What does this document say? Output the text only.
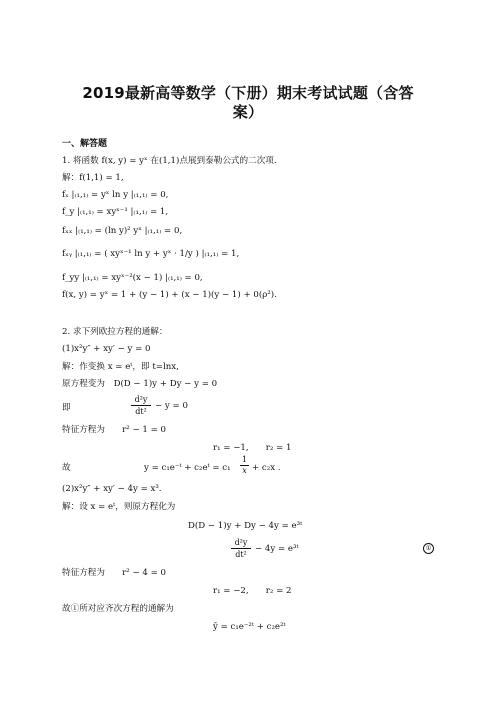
2019最新高等数学（下册）期末考试试题（含答
案）
一、解答题
1. 将函数 f(x, y) = yˣ 在(1,1)点展到泰勒公式的二次项.
解：f(1,1) = 1,
fₓ |₍₁,₁₎ = yˣ ln y |₍₁,₁₎ = 0,
f_y |₍₁,₁₎ = xyˣ⁻¹ |₍₁,₁₎ = 1,
fₓₓ |₍₁,₁₎ = (ln y)² yˣ |₍₁,₁₎ = 0,
fₓᵧ |₍₁,₁₎ = ( xyˣ⁻¹ ln y + yˣ · 1/y ) |₍₁,₁₎ = 1,
f_yy |₍₁,₁₎ = xyˣ⁻²(x − 1) |₍₁,₁₎ = 0,
f(x, y) = yˣ = 1 + (y − 1) + (x − 1)(y − 1) + 0(ρ²).
2. 求下列欧拉方程的通解：
(1)x²y″ + xy′ − y = 0
解：作变换 x = eᵗ，即 t=lnx,
原方程变为　D(D − 1)y + Dy − y = 0
即
d²y
dt²
− y = 0
特征方程为　　r² − 1 = 0
r₁ = −1,　　r₂ = 1
故	y = c₁e⁻ᵗ + c₂eᵗ = c₁
1
x + c₂x .
(2)x²y″ + xy′ − 4y = x³.
解：设 x = eᵗ，则原方程化为
D(D − 1)y + Dy − 4y = e³ᵗ
d²y
dt²
− 4y = e³ᵗ	①
特征方程为　　r² − 4 = 0
r₁ = −2,　　r₂ = 2
故①所对应齐次方程的通解为
ȳ = c₁e⁻²ᵗ + c₂e²ᵗ
